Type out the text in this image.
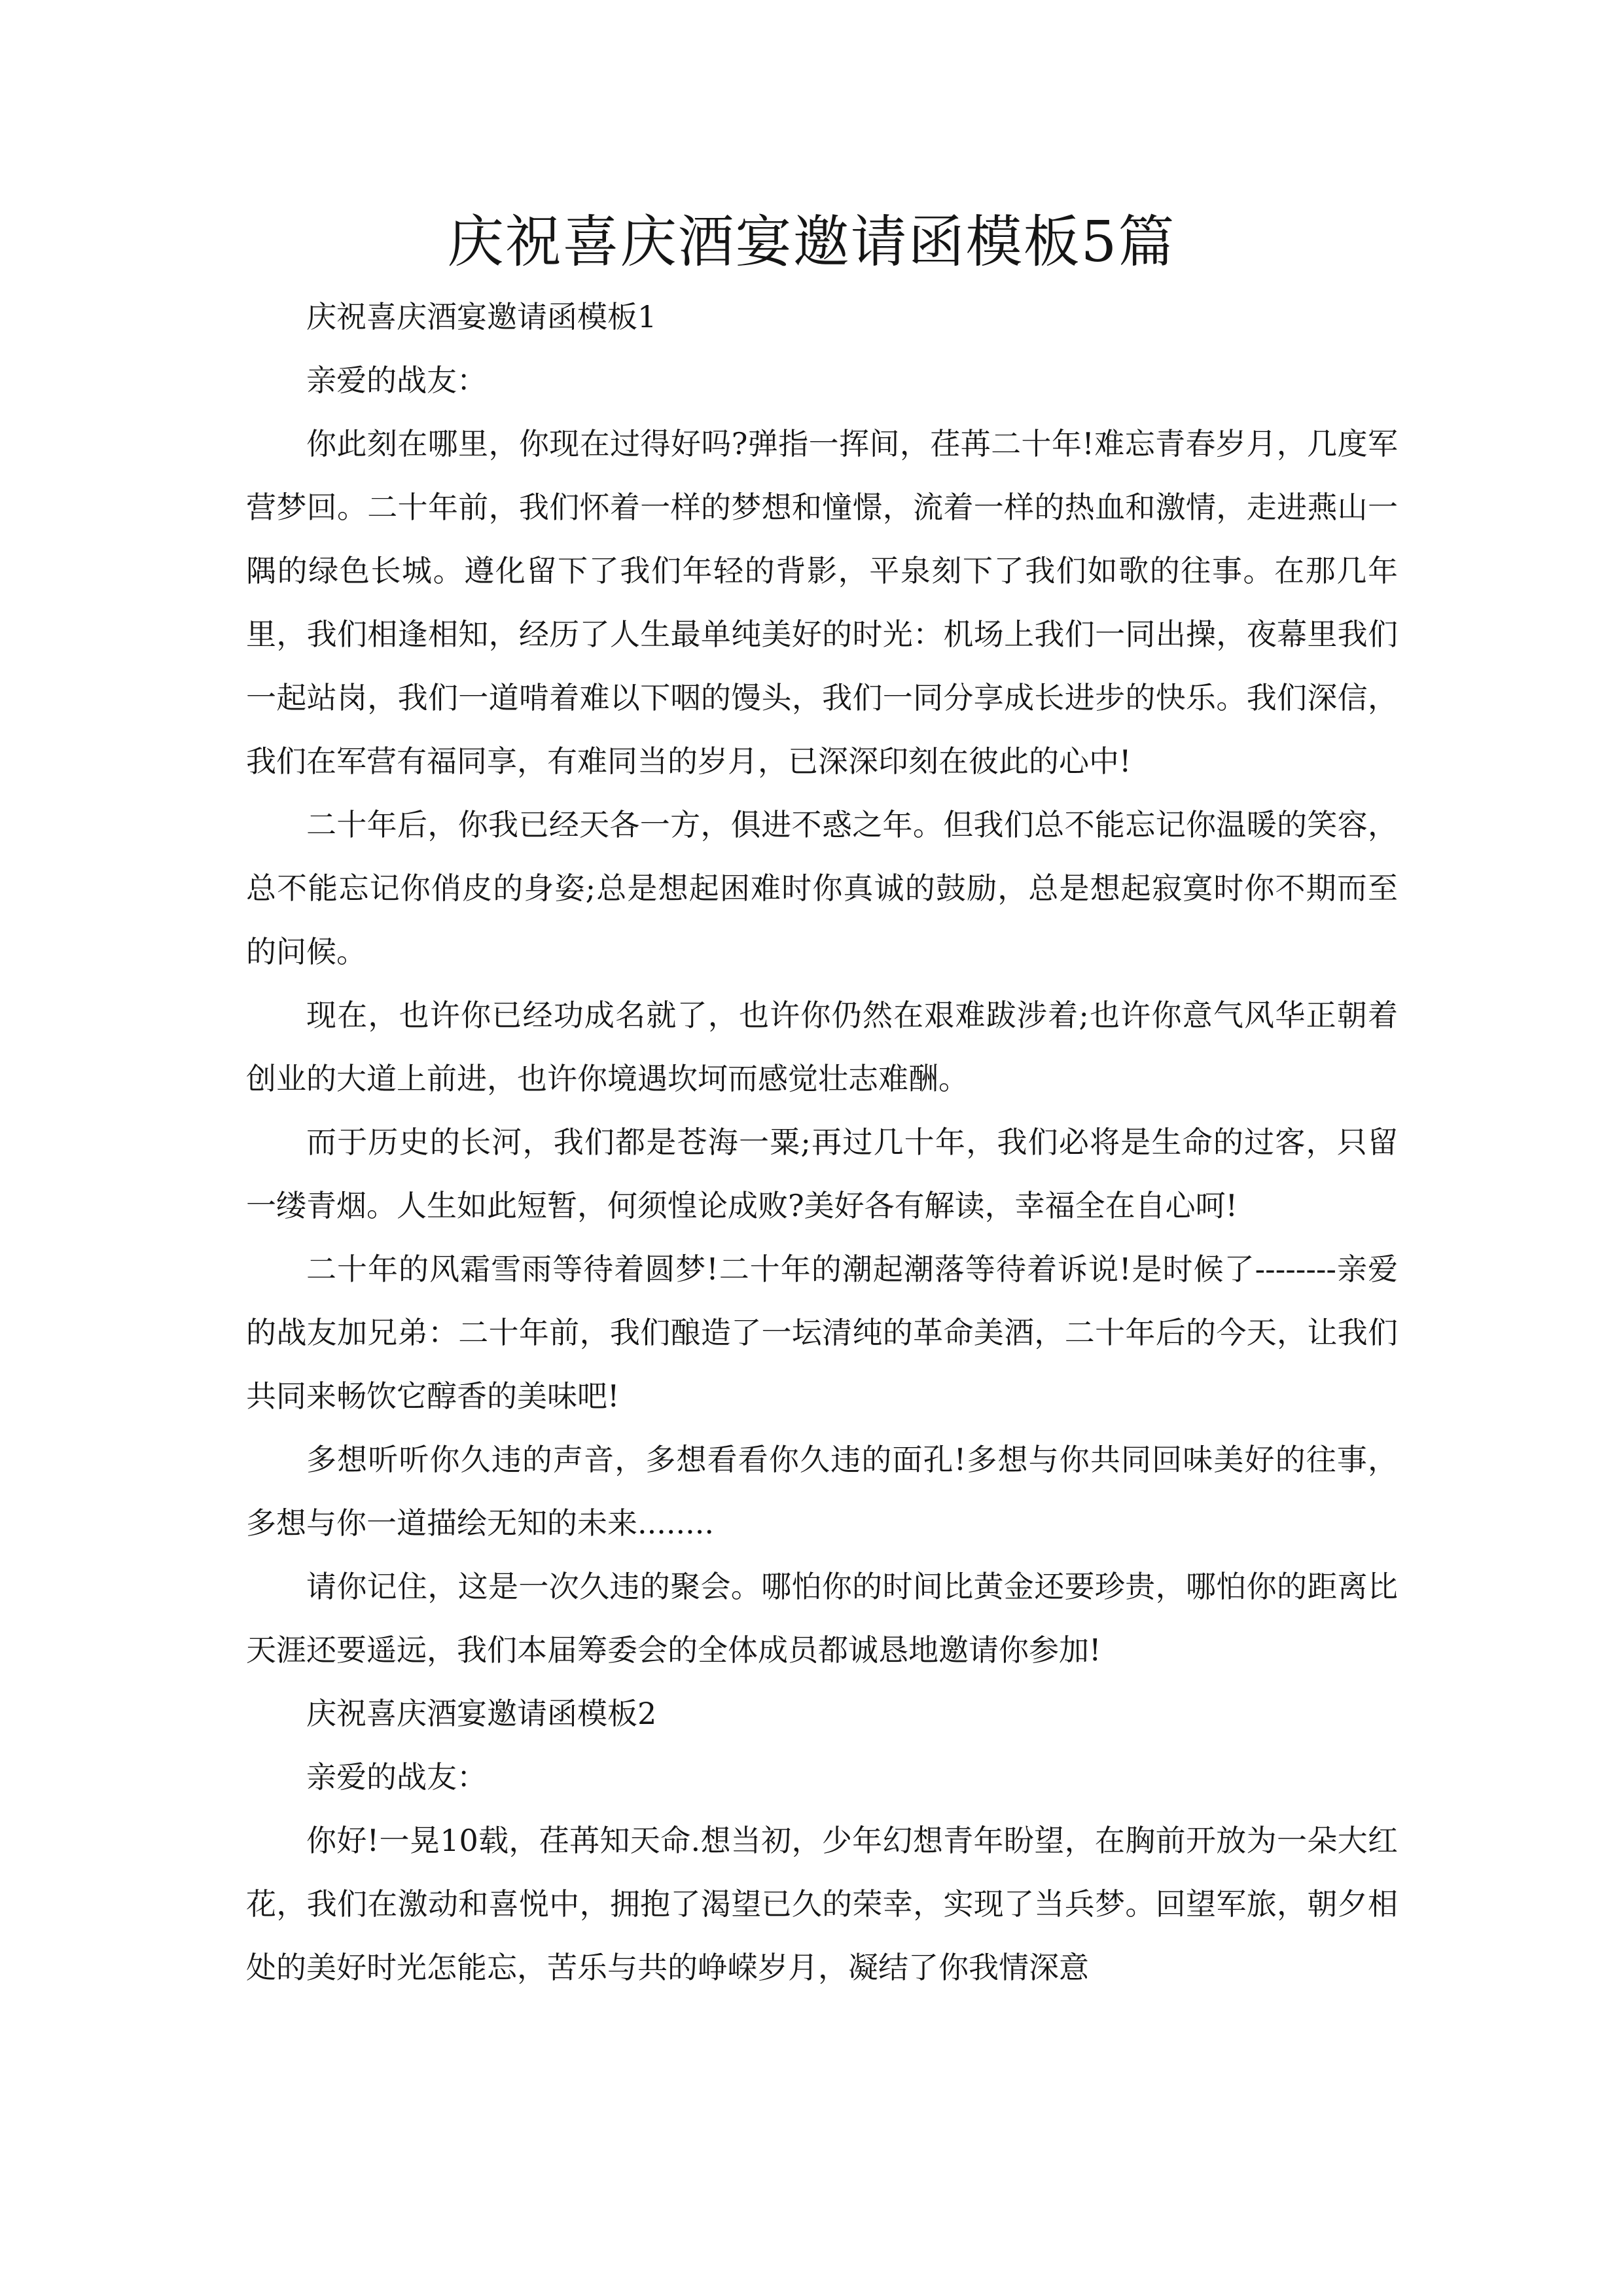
庆祝喜庆酒宴邀请函模板5篇

庆祝喜庆酒宴邀请函模板1

亲爱的战友：

你此刻在哪里，你现在过得好吗?弹指一挥间，荏苒二十年!难忘青春岁月，几度军营梦回。二十年前，我们怀着一样的梦想和憧憬，流着一样的热血和激情，走进燕山一隅的绿色长城。遵化留下了我们年轻的背影，平泉刻下了我们如歌的往事。在那几年里，我们相逢相知，经历了人生最单纯美好的时光：机场上我们一同出操，夜幕里我们一起站岗，我们一道啃着难以下咽的馒头，我们一同分享成长进步的快乐。我们深信，我们在军营有福同享，有难同当的岁月，已深深印刻在彼此的心中!

二十年后，你我已经天各一方，俱进不惑之年。但我们总不能忘记你温暖的笑容，总不能忘记你俏皮的身姿;总是想起困难时你真诚的鼓励，总是想起寂寞时你不期而至的问候。

现在，也许你已经功成名就了，也许你仍然在艰难跋涉着;也许你意气风华正朝着创业的大道上前进，也许你境遇坎坷而感觉壮志难酬。

而于历史的长河，我们都是苍海一粟;再过几十年，我们必将是生命的过客，只留一缕青烟。人生如此短暂，何须惶论成败?美好各有解读，幸福全在自心呵!

二十年的风霜雪雨等待着圆梦!二十年的潮起潮落等待着诉说!是时候了--------亲爱的战友加兄弟：二十年前，我们酿造了一坛清纯的革命美酒，二十年后的今天，让我们共同来畅饮它醇香的美味吧!

多想听听你久违的声音，多想看看你久违的面孔!多想与你共同回味美好的往事，多想与你一道描绘无知的未来........

请你记住，这是一次久违的聚会。哪怕你的时间比黄金还要珍贵，哪怕你的距离比天涯还要遥远，我们本届筹委会的全体成员都诚恳地邀请你参加!

庆祝喜庆酒宴邀请函模板2

亲爱的战友：

你好!一晃10载，荏苒知天命.想当初，少年幻想青年盼望，在胸前开放为一朵大红花，我们在激动和喜悦中，拥抱了渴望已久的荣幸，实现了当兵梦。回望军旅，朝夕相处的美好时光怎能忘，苦乐与共的峥嵘岁月，凝结了你我情深意
